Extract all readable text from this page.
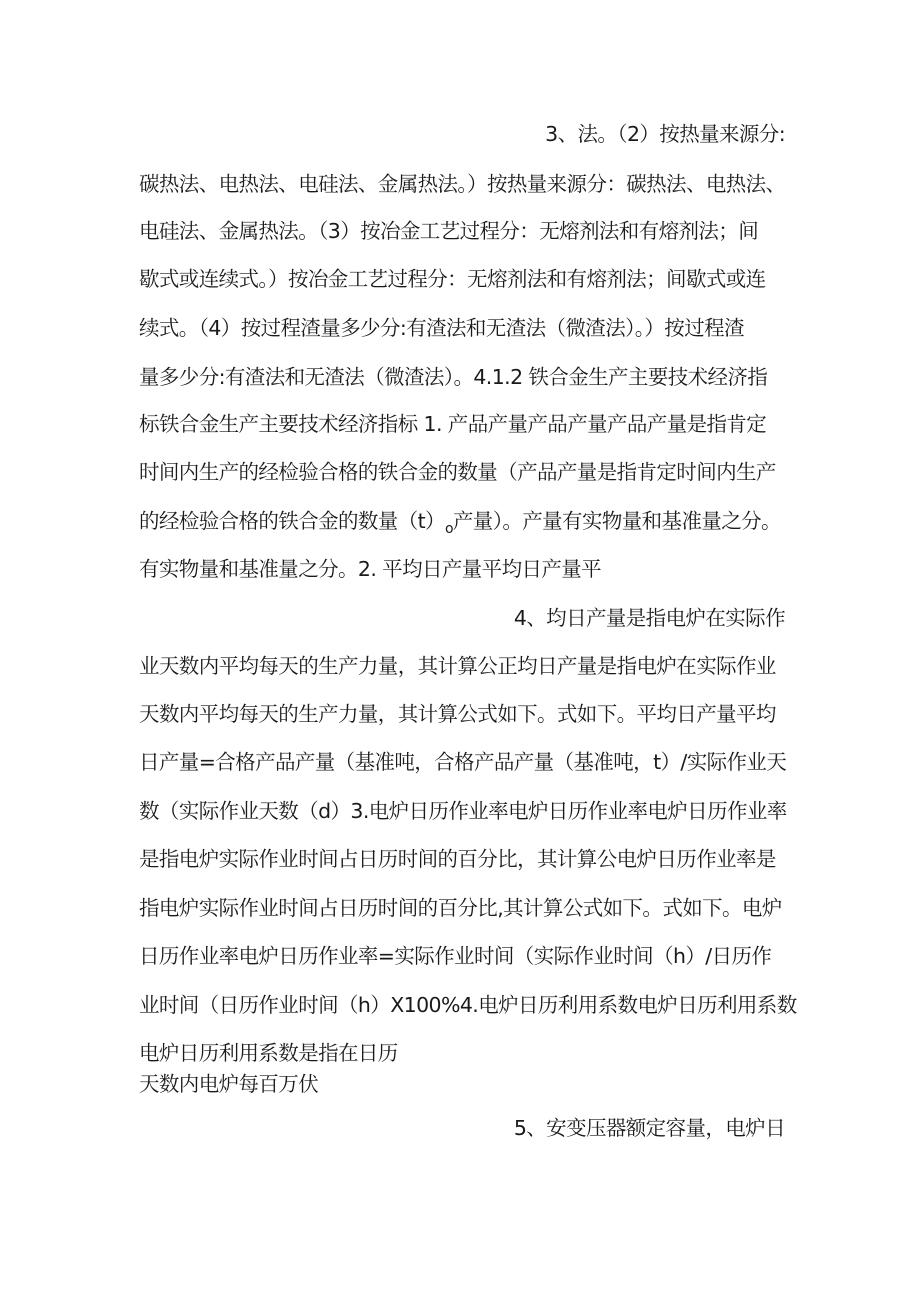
3、法。（2）按热量来源分:
碳热法、电热法、电硅法、金属热法。）按热量来源分：碳热法、电热法、
电硅法、金属热法。（3）按冶金工艺过程分：无熔剂法和有熔剂法；间
歇式或连续式。）按冶金工艺过程分：无熔剂法和有熔剂法；间歇式或连
续式。（4）按过程渣量多少分:有渣法和无渣法（微渣法）。）按过程渣
量多少分:有渣法和无渣法（微渣法）。4.1.2 铁合金生产主要技术经济指
标铁合金生产主要技术经济指标 1. 产品产量产品产量产品产量是指肯定
时间内生产的经检验合格的铁合金的数量（产品产量是指肯定时间内生产
的经检验合格的铁合金的数量$(t)_o$产量）。产量有实物量和基准量之分。
有实物量和基准量之分。2. 平均日产量平均日产量平
4、均日产量是指电炉在实际作
业天数内平均每天的生产力量，其计算公正均日产量是指电炉在实际作业
天数内平均每天的生产力量，其计算公式如下。式如下。平均日产量平均
日产量=合格产品产量（基准吨，合格产品产量（基准吨，t）/实际作业天
数（实际作业天数（d）3.电炉日历作业率电炉日历作业率电炉日历作业率
是指电炉实际作业时间占日历时间的百分比，其计算公电炉日历作业率是
指电炉实际作业时间占日历时间的百分比,其计算公式如下。式如下。电炉
日历作业率电炉日历作业率=实际作业时间（实际作业时间（h）/日历作
业时间（日历作业时间（h）X100%4.电炉日历利用系数电炉日历利用系数
电炉日历利用系数是指在日历
天数内电炉每百万伏
5、安变压器额定容量，电炉日
